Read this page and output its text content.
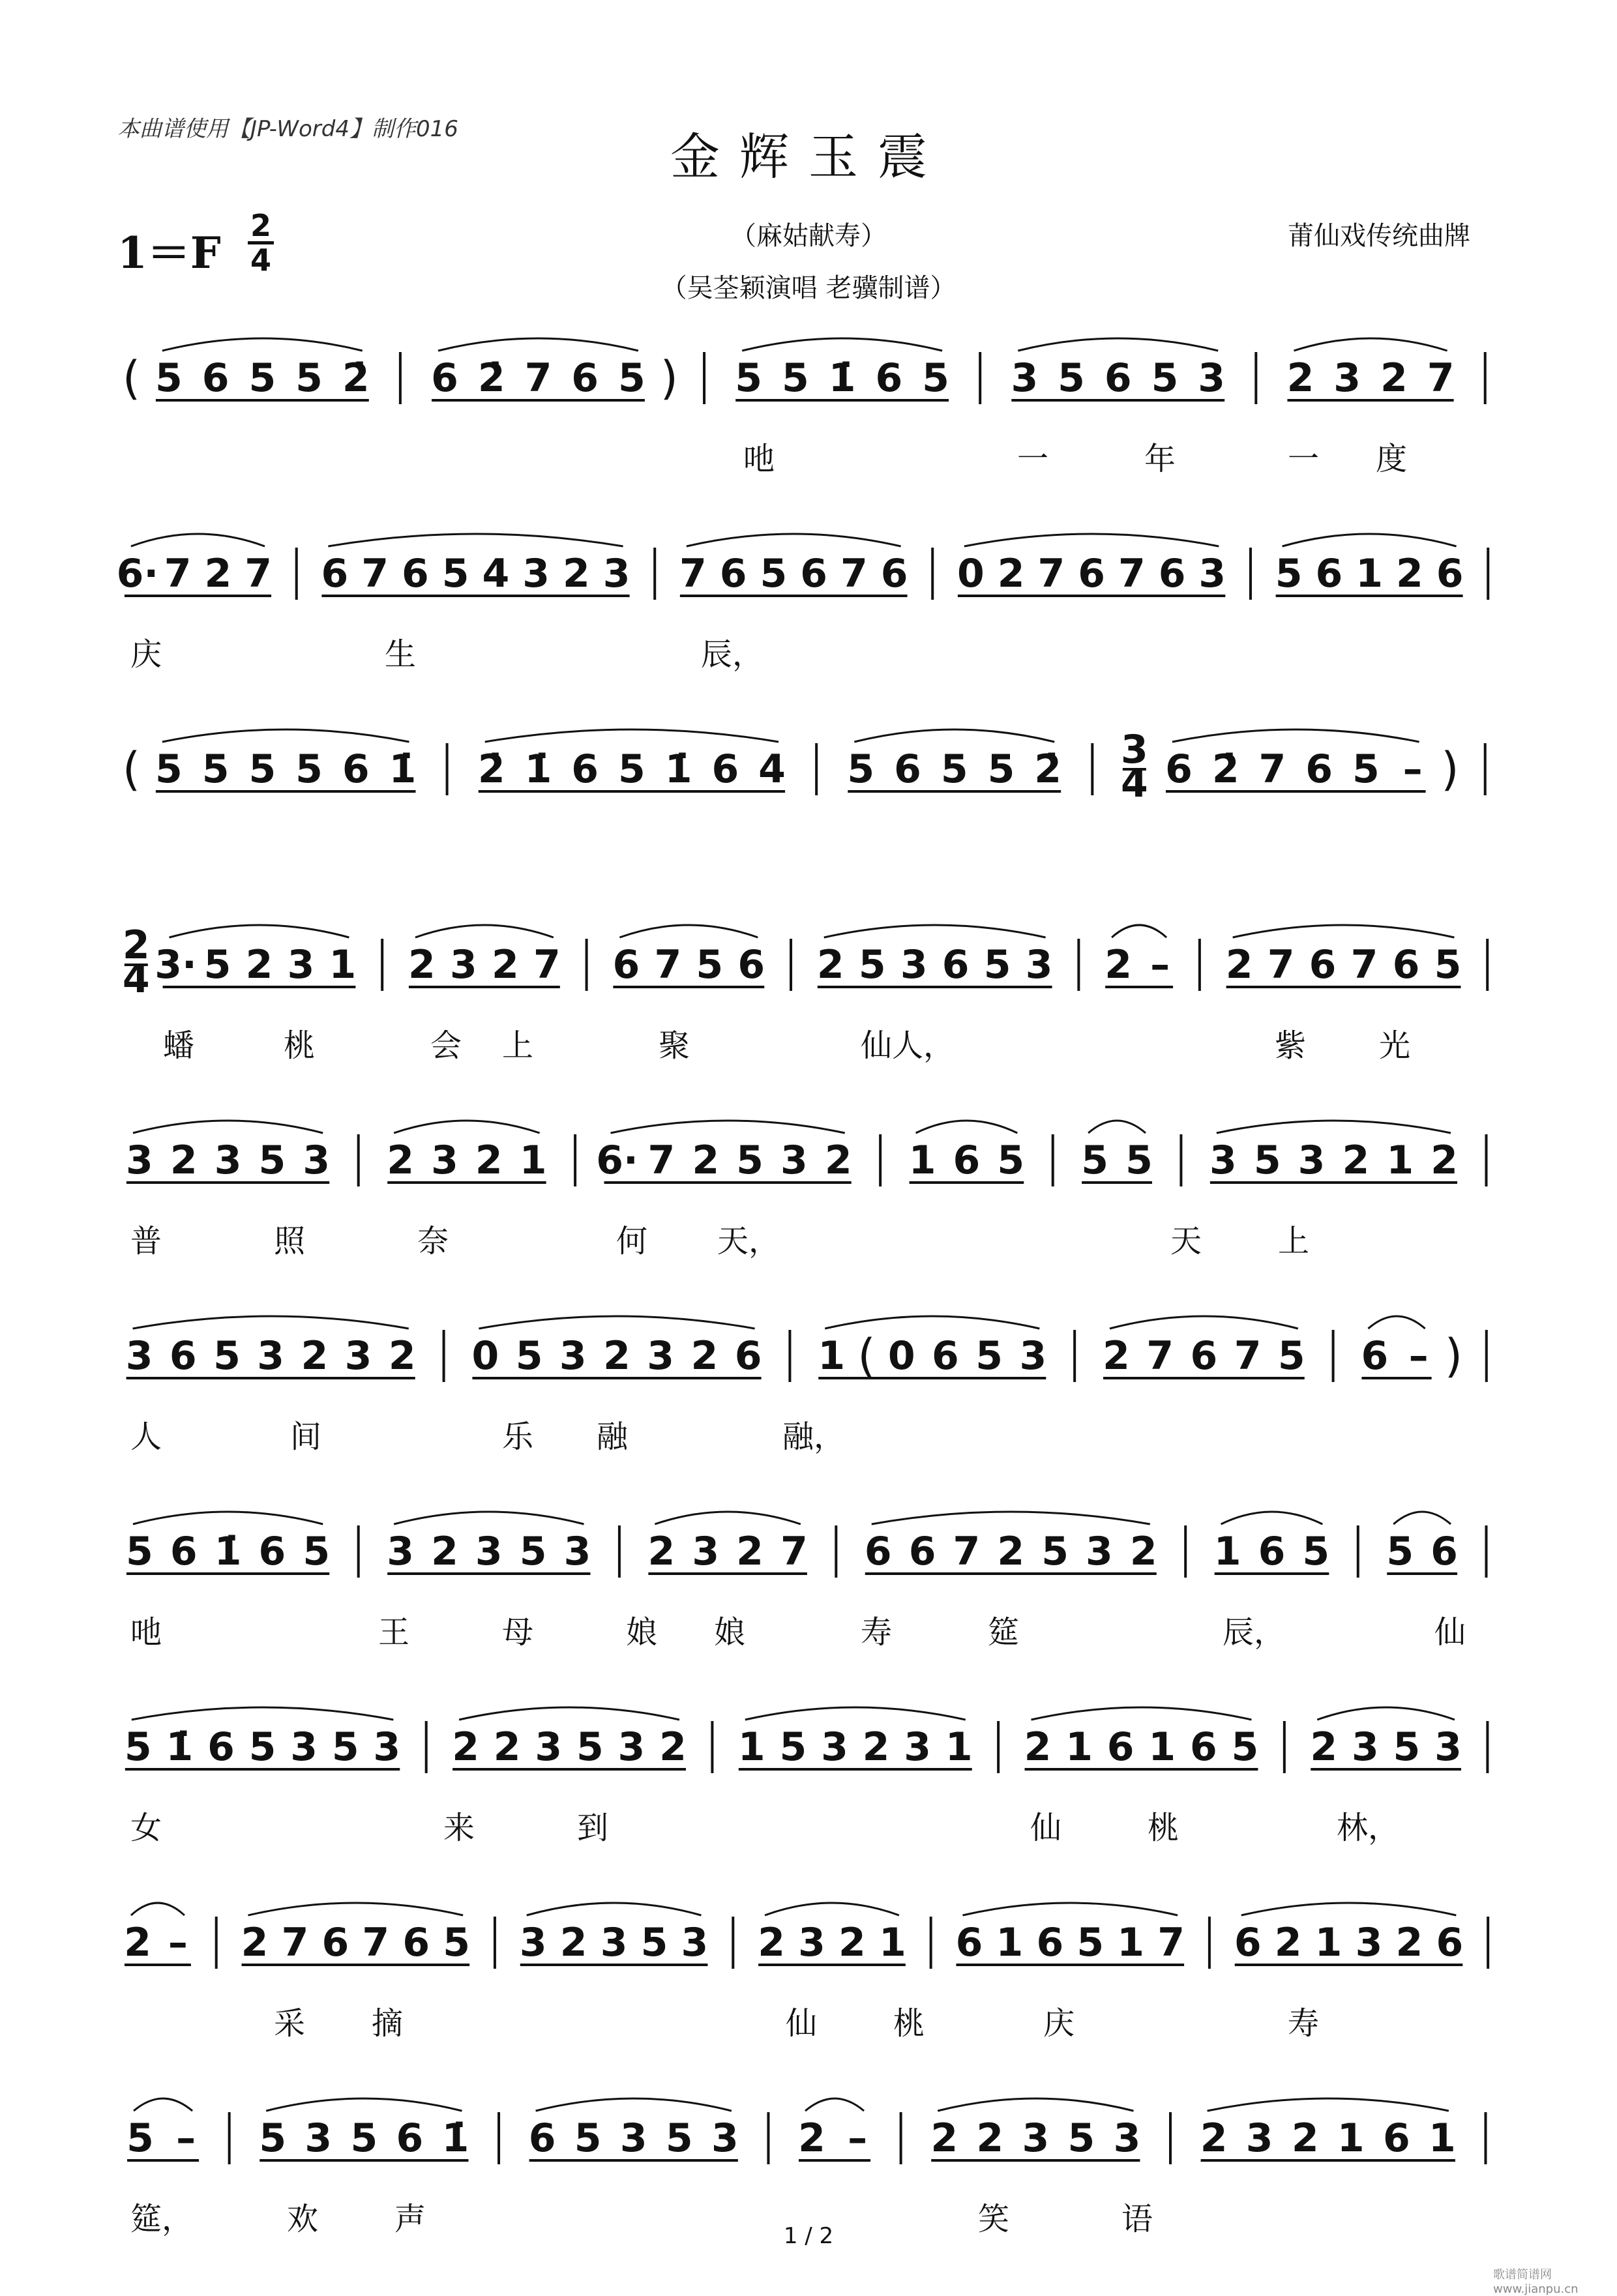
本曲谱使用【JP-Word4】制作016	金辉玉震
1＝F
2
4
（麻姑献寿）	莆仙戏传统曲牌
（吴荃颖演唱 老骥制谱）
( 5 6 5 5 2̇ 6 2̇ 7 6 5 ) 5 5 1̇ 6 5 3 5 6 5 3 2 3 2 7
吔	一	年	一 度
6· 7 2 7 6 7 6 5 4 3 2 3 7 6 5 6 7 6 0 2 7 6 7 6 3 5 6 1 2 6
庆	生	辰，
( 5 5 5 5 6 1̇ 2̇ 1̇ 6 5 1̇ 6 4 5 6 5 5 2̇ 3
4 6 2̇ 7 6 5 – )
2
4 3· 5 2 3 1 2 3 2 7 6 7 5 6 2 5 3 6 5 3 2 – 2 7 6 7 6 5
蟠	桃	会 上	聚	仙人，	紫 光
3 2 3 5 3 2 3 2 1 6· 7 2 5 3 2 1 6 5 5 5 3 5 3 2 1 2
普	照	奈	何 天，	天 上
3 6 5 3 2 3 2 0 5 3 2 3 2 6 1 ( 0 6 5 3 2 7 6 7 5 6 – )
人	间	乐 融	融，
5 6 1̇ 6 5 3 2 3 5 3 2 3 2 7 6 6 7 2 5 3 2 1 6 5 5 6
吔	王	母	娘 娘	寿	筵	辰，	仙
5 1̇ 6 5 3 5 3 2 2 3 5 3 2 1 5 3 2 3 1 2 1 6 1 6 5 2 3 5 3
女	来	到	仙	桃	林，
2 – 2 7 6 7 6 5 3 2 3 5 3 2 3 2 1 6 1 6 5 1 7 6 2 1 3 2 6
采 摘	仙 桃	庆	寿
5 – 5 3 5 6 1̇ 6 5 3 5 3 2 – 2 2 3 5 3 2 3 2 1 6 1
筵，	欢 声	笑	语
1 / 2
歌谱简谱网 www.jianpu.cn
